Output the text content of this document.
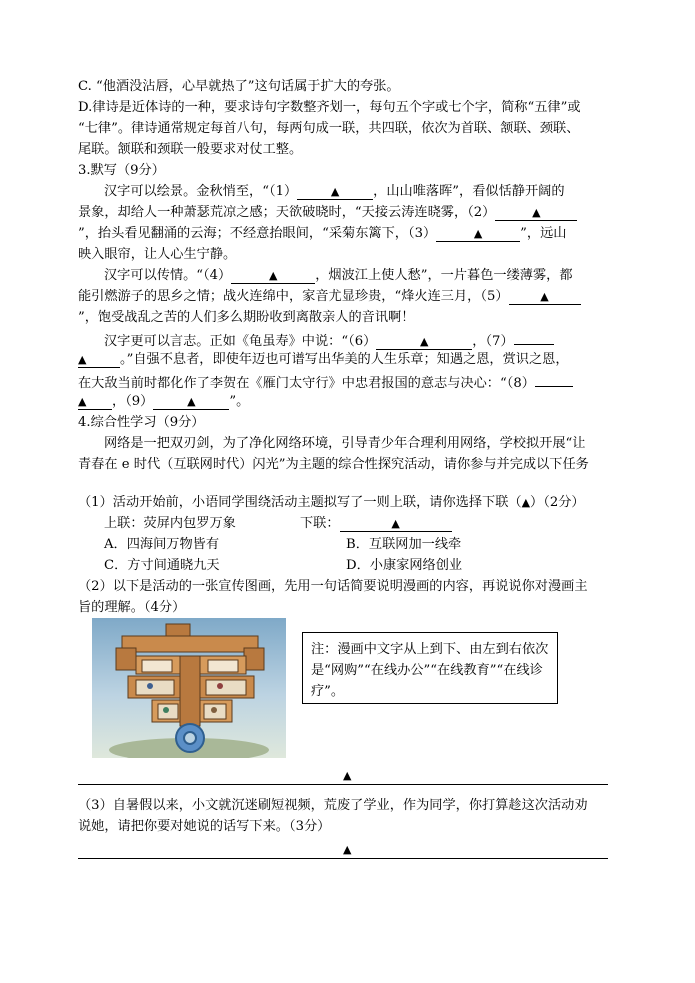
C. “他酒没沾唇，心早就热了”这句话属于扩大的夸张。
D.律诗是近体诗的一种，要求诗句字数整齐划一，每句五个字或七个字，简称“五律”或
“七律”。律诗通常规定每首八句，每两句成一联，共四联，依次为首联、颔联、颈联、
尾联。颔联和颈联一般要求对仗工整。
3.默写（9分）
汉字可以绘景。金秋悄至，“（1）	▲	，山山唯落晖”，看似恬静开阔的
景象，却给人一种萧瑟荒凉之感；天欲破晓时，“天接云涛连晓雾，（2）	▲
”，抬头看见翻涌的云海；不经意抬眼间，“采菊东篱下，（3）	▲	”，远山
映入眼帘，让人心生宁静。
汉字可以传情。“（4）	▲	，烟波江上使人愁”，一片暮色一缕薄雾，都
能引燃游子的思乡之情；战火连绵中，家音尤显珍贵，“烽火连三月，（5）	▲
”，饱受战乱之苦的人们多么期盼收到离散亲人的音讯啊！
汉字更可以言志。正如《龟虽寿》中说：“（6）	▲	，（7）
▲	。”自强不息者，即使年迈也可谱写出华美的人生乐章；知遇之恩，赏识之恩，
在大敌当前时都化作了李贺在《雁门太守行》中忠君报国的意志与决心：“（8）
▲ ，（9）	▲	”。
4.综合性学习（9分）
网络是一把双刃剑，为了净化网络环境，引导青少年合理利用网络，学校拟开展“让
青春在 e 时代（互联网时代）闪光”为主题的综合性探究活动，请你参与并完成以下任务
（1）活动开始前，小语同学围绕活动主题拟写了一则上联，请你选择下联（▲）（2分）
上联：荧屏内包罗万象	下联：	▲
A．四海间万物皆有	B．互联网加一线牵
C．方寸间通晓九天	D．小康家网络创业
（2）以下是活动的一张宣传图画，先用一句话简要说明漫画的内容，再说说你对漫画主
旨的理解。（4分）
注：漫画中文字从上到下、由左到右依次是“网购”“在线办公”“在线教育”“在线诊疗”。
▲
（3）自暑假以来，小文就沉迷刷短视频，荒废了学业，作为同学，你打算趁这次活动劝
说她，请把你要对她说的话写下来。（3分）
▲
